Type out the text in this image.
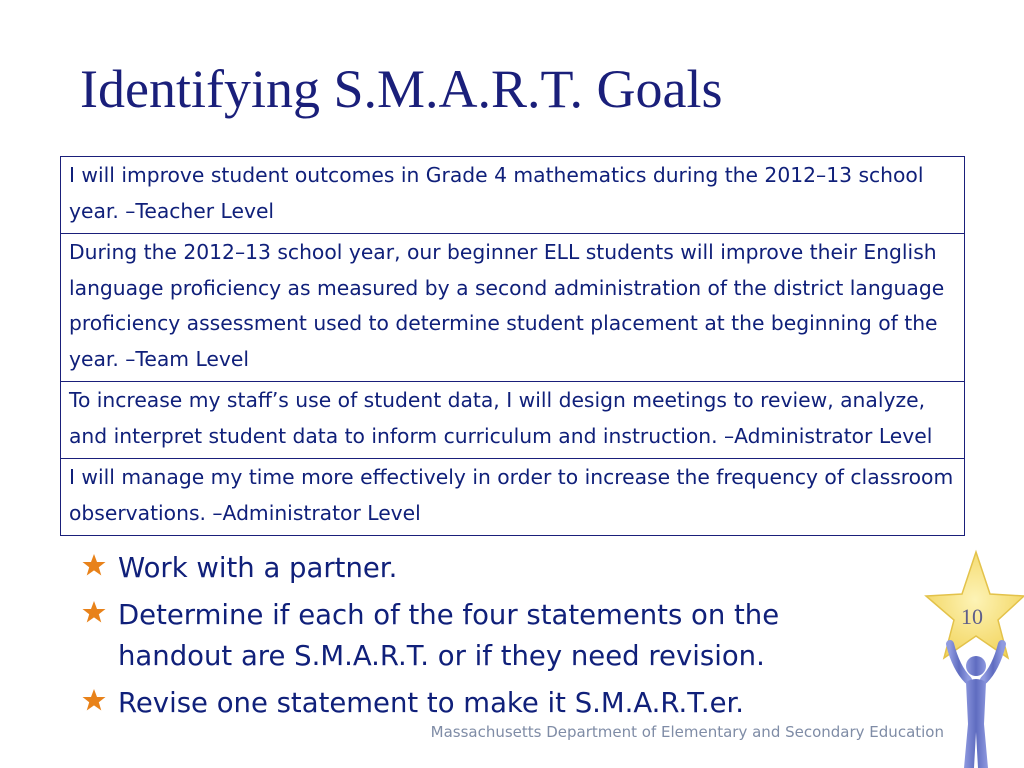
Identifying S.M.A.R.T. Goals
I will improve student outcomes in Grade 4 mathematics during the 2012–13 school year. –Teacher Level
During the 2012–13 school year, our beginner ELL students will improve their English language proficiency as measured by a second administration of the district language proficiency assessment used to determine student placement at the beginning of the year. –Team Level
To increase my staff’s use of student data, I will design meetings to review, analyze, and interpret student data to inform curriculum and instruction. –Administrator Level
I will manage my time more effectively in order to increase the frequency of classroom observations. –Administrator Level
Work with a partner.
Determine if each of the four statements on the handout are S.M.A.R.T. or if they need revision.
Revise one statement to make it S.M.A.R.T.er.
10
Massachusetts Department of Elementary and Secondary Education
